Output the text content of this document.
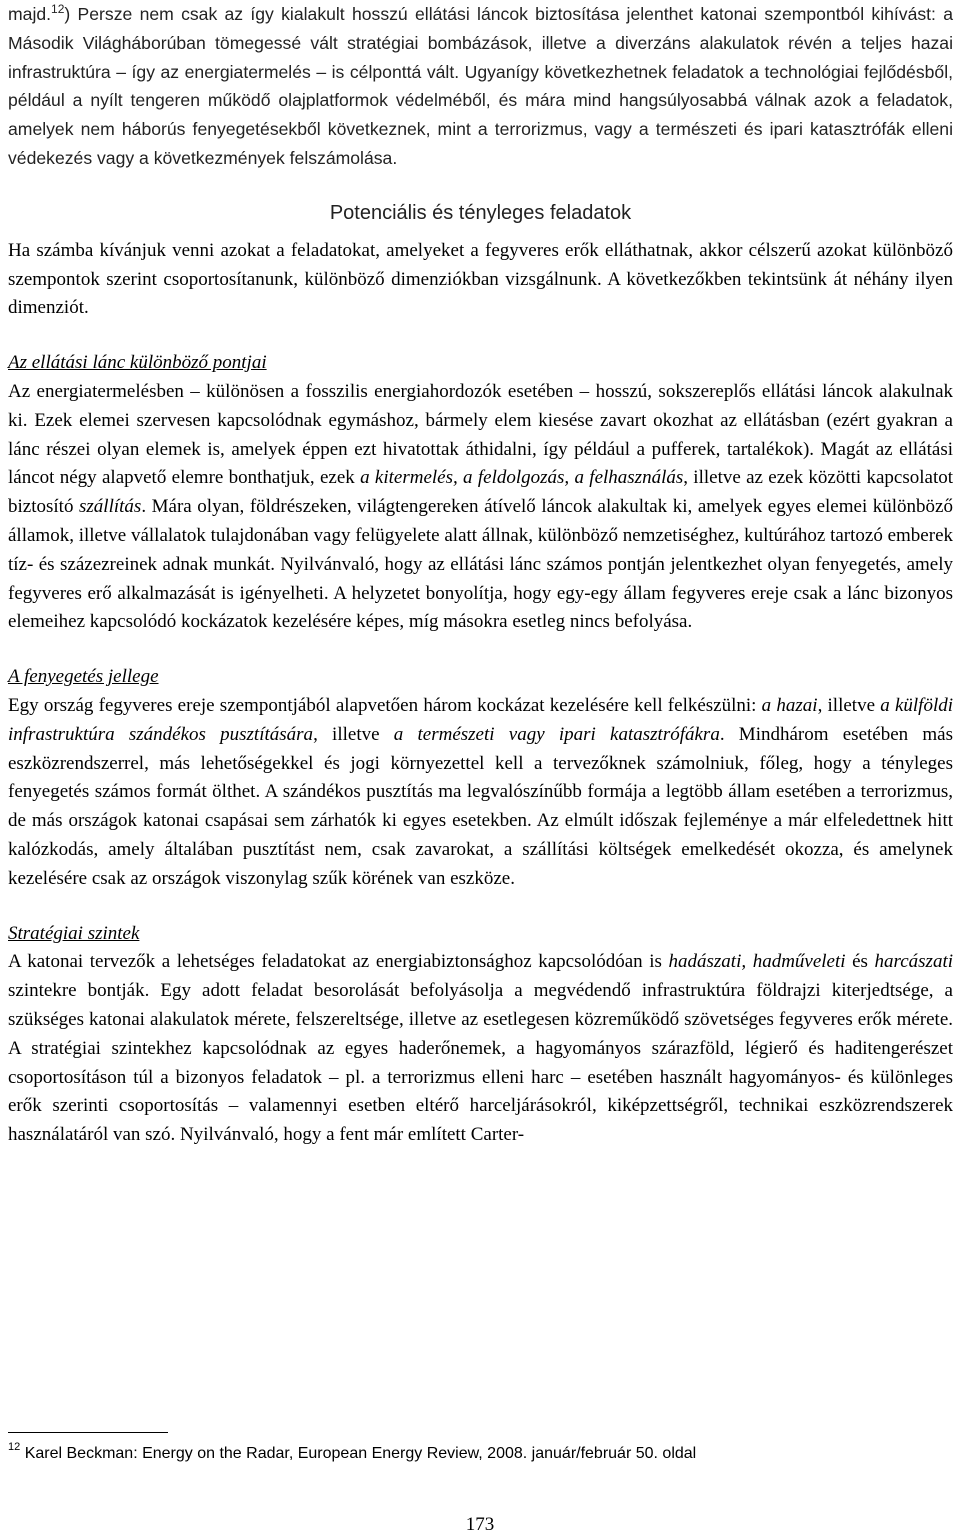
majd.$^{12}$) Persze nem csak az így kialakult hosszú ellátási láncok biztosítása jelenthet katonai szempontból kihívást: a Második Világháborúban tömegessé vált stratégiai bombázások, illetve a diverzáns alakulatok révén a teljes hazai infrastruktúra – így az energiatermelés – is célponttá vált. Ugyanígy következhetnek feladatok a technológiai fejlődésből, például a nyílt tengeren működő olajplatformok védelméből, és mára mind hangsúlyosabbá válnak azok a feladatok, amelyek nem háborús fenyegetésekből következnek, mint a terrorizmus, vagy a természeti és ipari katasztrófák elleni védekezés vagy a következmények felszámolása.

Potenciális és tényleges feladatok

Ha számba kívánjuk venni azokat a feladatokat, amelyeket a fegyveres erők elláthatnak, akkor célszerű azokat különböző szempontok szerint csoportosítanunk, különböző dimenziókban vizsgálnunk. A következőkben tekintsünk át néhány ilyen dimenziót.

Az ellátási lánc különböző pontjai

Az energiatermelésben – különösen a fosszilis energiahordozók esetében – hosszú, sokszereplős ellátási láncok alakulnak ki. Ezek elemei szervesen kapcsolódnak egymáshoz, bármely elem kiesése zavart okozhat az ellátásban (ezért gyakran a lánc részei olyan elemek is, amelyek éppen ezt hivatottak áthidalni, így például a pufferek, tartalékok). Magát az ellátási láncot négy alapvető elemre bonthatjuk, ezek a kitermelés, a feldolgozás, a felhasználás, illetve az ezek közötti kapcsolatot biztosító szállítás. Mára olyan, földrészeken, világtengereken átívelő láncok alakultak ki, amelyek egyes elemei különböző államok, illetve vállalatok tulajdonában vagy felügyelete alatt állnak, különböző nemzetiséghez, kultúrához tartozó emberek tíz- és százezreinek adnak munkát. Nyilvánvaló, hogy az ellátási lánc számos pontján jelentkezhet olyan fenyegetés, amely fegyveres erő alkalmazását is igényelheti. A helyzetet bonyolítja, hogy egy-egy állam fegyveres ereje csak a lánc bizonyos elemeihez kapcsolódó kockázatok kezelésére képes, míg másokra esetleg nincs befolyása.

A fenyegetés jellege

Egy ország fegyveres ereje szempontjából alapvetően három kockázat kezelésére kell felkészülni: a hazai, illetve a külföldi infrastruktúra szándékos pusztítására, illetve a természeti vagy ipari katasztrófákra. Mindhárom esetében más eszközrendszerrel, más lehetőségekkel és jogi környezettel kell a tervezőknek számolniuk, főleg, hogy a tényleges fenyegetés számos formát ölthet. A szándékos pusztítás ma legvalószínűbb formája a legtöbb állam esetében a terrorizmus, de más országok katonai csapásai sem zárhatók ki egyes esetekben. Az elmúlt időszak fejleménye a már elfeledettnek hitt kalózkodás, amely általában pusztítást nem, csak zavarokat, a szállítási költségek emelkedését okozza, és amelynek kezelésére csak az országok viszonylag szűk körének van eszköze.

Stratégiai szintek

A katonai tervezők a lehetséges feladatokat az energiabiztonsághoz kapcsolódóan is hadászati, hadműveleti és harcászati szintekre bontják. Egy adott feladat besorolását befolyásolja a megvédendő infrastruktúra földrajzi kiterjedtsége, a szükséges katonai alakulatok mérete, felszereltsége, illetve az esetlegesen közreműködő szövetséges fegyveres erők mérete. A stratégiai szintekhez kapcsolódnak az egyes haderőnemek, a hagyományos szárazföld, légierő és haditengerészet csoportosításon túl a bizonyos feladatok – pl. a terrorizmus elleni harc – esetében használt hagyományos- és különleges erők szerinti csoportosítás – valamennyi esetben eltérő harceljárásokról, kiképzettségről, technikai eszközrendszerek használatáról van szó. Nyilvánvaló, hogy a fent már említett Carter-

$^{12}$ Karel Beckman: Energy on the Radar, European Energy Review, 2008. január/február 50. oldal
173
